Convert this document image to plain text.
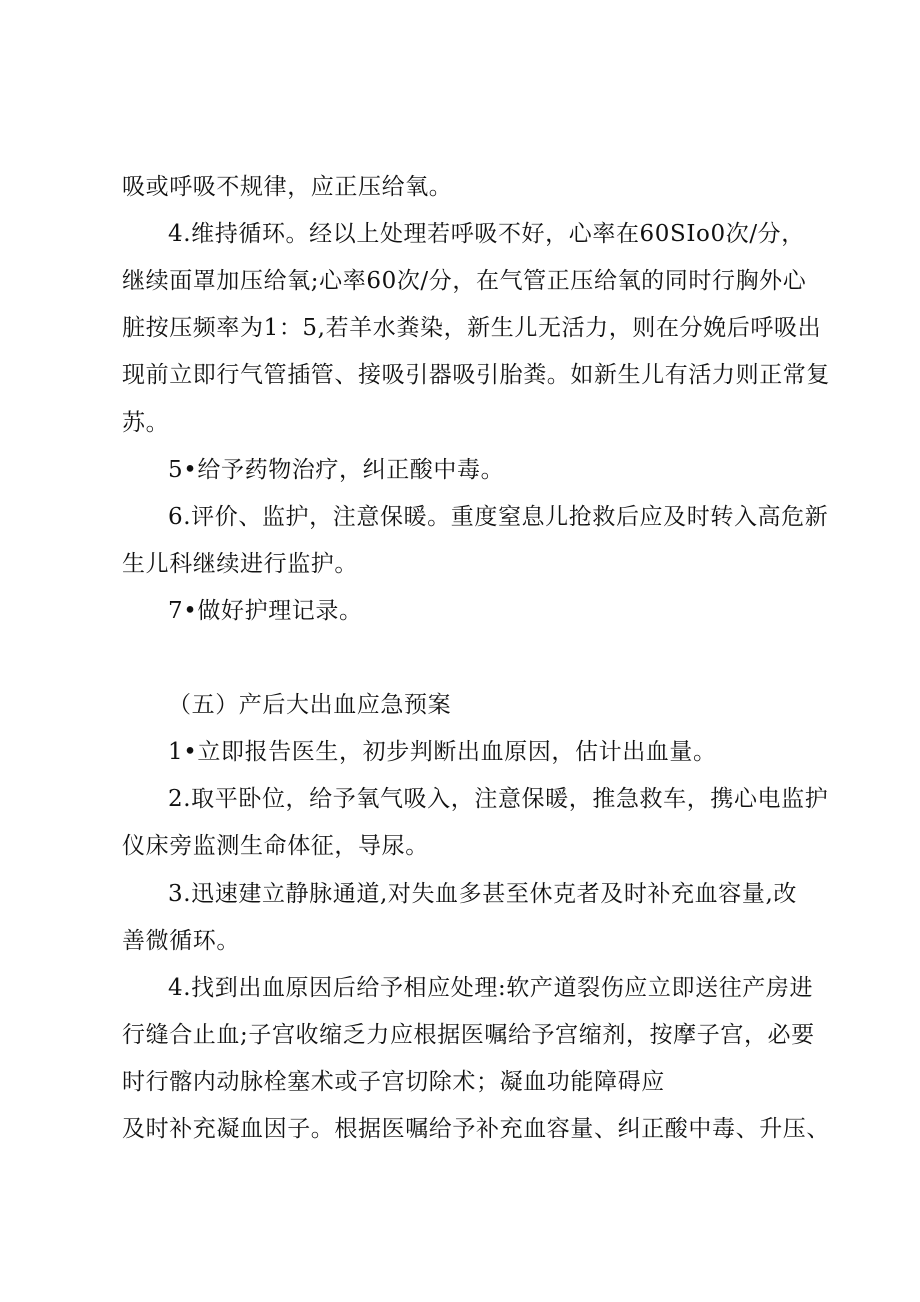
吸或呼吸不规律，应正压给氧。
4.维持循环。经以上处理若呼吸不好，心率在60SIo0次/分，
继续面罩加压给氧;心率60次/分，在气管正压给氧的同时行胸外心
脏按压频率为1：5,若羊水粪染，新生儿无活力，则在分娩后呼吸出
现前立即行气管插管、接吸引器吸引胎粪。如新生儿有活力则正常复
苏。
5•给予药物治疗，纠正酸中毒。
6.评价、监护，注意保暖。重度窒息儿抢救后应及时转入高危新
生儿科继续进行监护。
7•做好护理记录。
（五）产后大出血应急预案
1•立即报告医生，初步判断出血原因，估计出血量。
2.取平卧位，给予氧气吸入，注意保暖，推急救车，携心电监护
仪床旁监测生命体征，导尿。
3.迅速建立静脉通道,对失血多甚至休克者及时补充血容量,改
善微循环。
4.找到出血原因后给予相应处理:软产道裂伤应立即送往产房进
行缝合止血;子宫收缩乏力应根据医嘱给予宫缩剂，按摩子宫，必要
时行髂内动脉栓塞术或子宫切除术；凝血功能障碍应
及时补充凝血因子。根据医嘱给予补充血容量、纠正酸中毒、升压、
